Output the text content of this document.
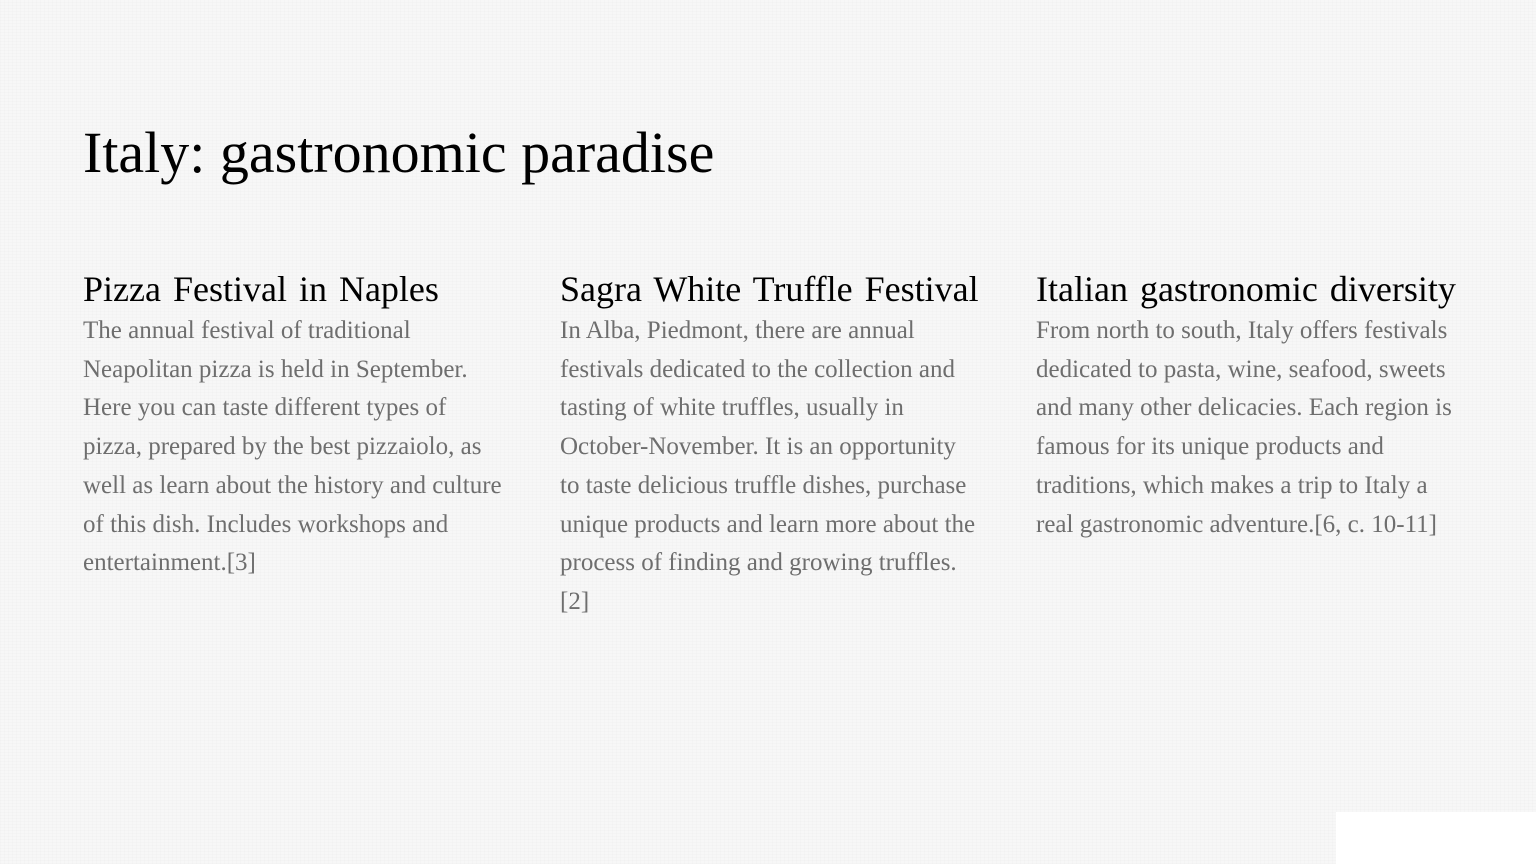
Italy: gastronomic paradise
Pizza Festival in Naples

The annual festival of traditional Neapolitan pizza is held in September. Here you can taste different types of pizza, prepared by the best pizzaiolo, as well as learn about the history and culture of this dish. Includes workshops and entertainment.[3]

Sagra White Truffle Festival

In Alba, Piedmont, there are annual festivals dedicated to the collection and tasting of white truffles, usually in October-November. It is an opportunity to taste delicious truffle dishes, purchase unique products and learn more about the process of finding and growing truffles.[2]

Italian gastronomic diversity

From north to south, Italy offers festivals dedicated to pasta, wine, seafood, sweets and many other delicacies. Each region is famous for its unique products and traditions, which makes a trip to Italy a real gastronomic adventure.[6, c. 10-11]
